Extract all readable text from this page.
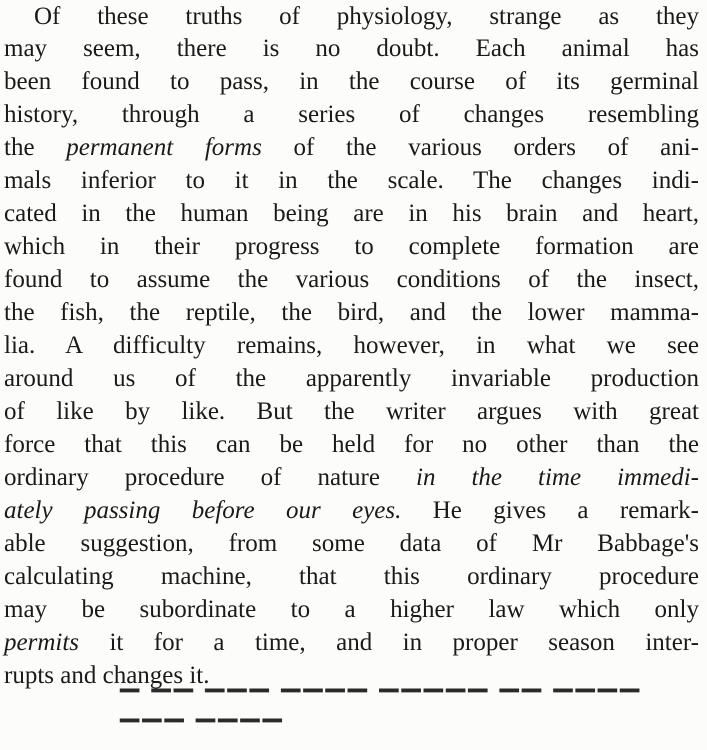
Of these truths of physiology, strange as they
may seem, there is no doubt. Each animal has
been found to pass, in the course of its germinal
history, through a series of changes resembling
the permanent forms of the various orders of ani-
mals inferior to it in the scale. The changes indi-
cated in the human being are in his brain and heart,
which in their progress to complete formation are
found to assume the various conditions of the insect,
the fish, the reptile, the bird, and the lower mamma-
lia. A difficulty remains, however, in what we see
around us of the apparently invariable production
of like by like. But the writer argues with great
force that this can be held for no other than the
ordinary procedure of nature in the time immedi-
ately passing before our eyes. He gives a remark-
able suggestion, from some data of Mr Babbage's
calculating machine, that this ordinary procedure
may be subordinate to a higher law which only
permits it for a time, and in proper season inter-
rupts and changes it.
▔ ▔▔ ▔▔▔ ▔▔▔▔ ▔▔▔▔▔ ▔▔ ▔▔▔▔ ▔▔▔ ▔▔▔▔
